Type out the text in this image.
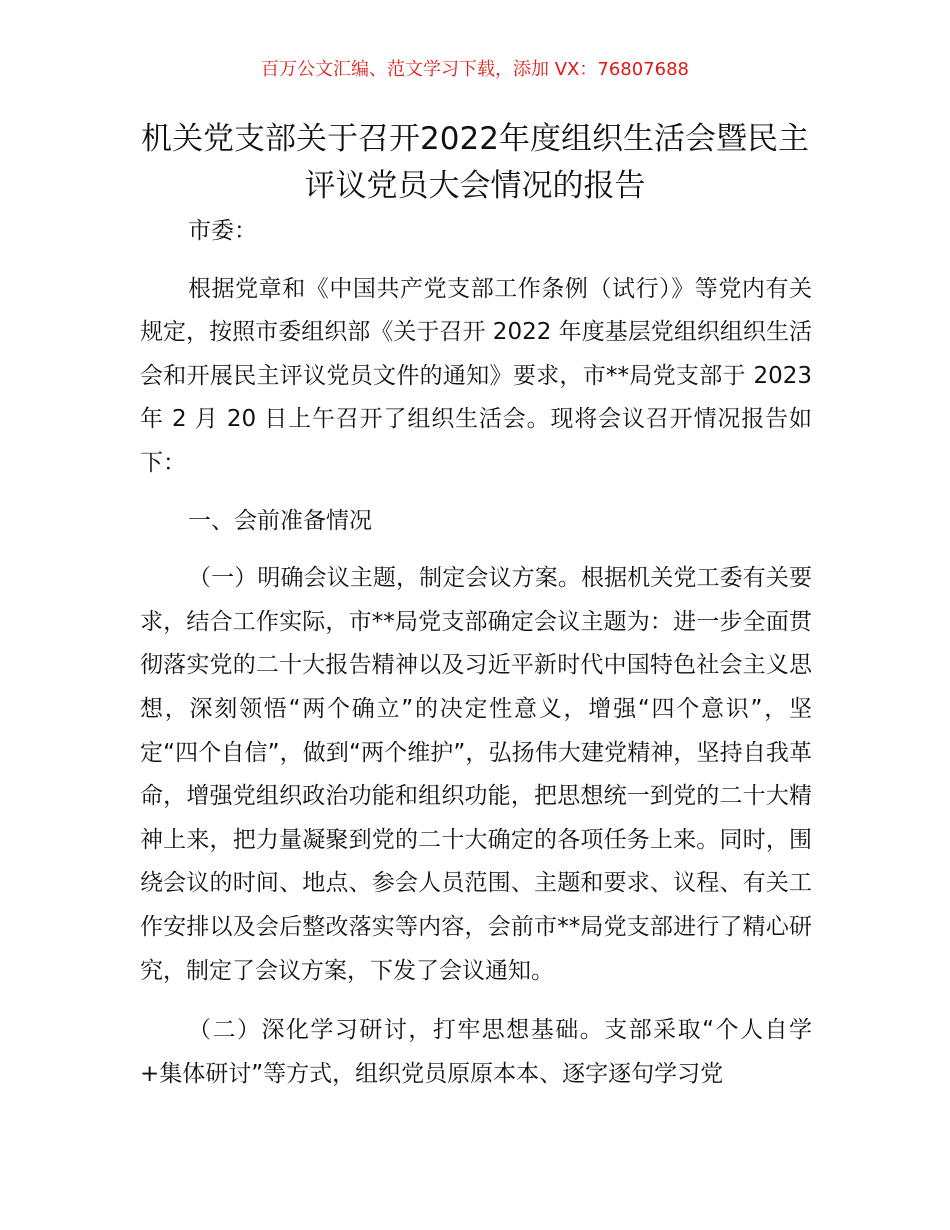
百万公文汇编、范文学习下载，添加 VX：76807688
机关党支部关于召开2022年度组织生活会暨民主评议党员大会情况的报告

市委：

根据党章和《中国共产党支部工作条例（试行）》等党内有关规定，按照市委组织部《关于召开 2022 年度基层党组织组织生活会和开展民主评议党员文件的通知》要求，市**局党支部于 2023 年 2 月 20 日上午召开了组织生活会。现将会议召开情况报告如下：

一、会前准备情况

（一）明确会议主题，制定会议方案。根据机关党工委有关要求，结合工作实际，市**局党支部确定会议主题为：进一步全面贯彻落实党的二十大报告精神以及习近平新时代中国特色社会主义思想，深刻领悟“两个确立”的决定性意义，增强“四个意识”，坚定“四个自信”，做到“两个维护”，弘扬伟大建党精神，坚持自我革命，增强党组织政治功能和组织功能，把思想统一到党的二十大精神上来，把力量凝聚到党的二十大确定的各项任务上来。同时，围绕会议的时间、地点、参会人员范围、主题和要求、议程、有关工作安排以及会后整改落实等内容，会前市**局党支部进行了精心研究，制定了会议方案，下发了会议通知。

（二）深化学习研讨，打牢思想基础。支部采取“个人自学+集体研讨”等方式，组织党员原原本本、逐字逐句学习党
